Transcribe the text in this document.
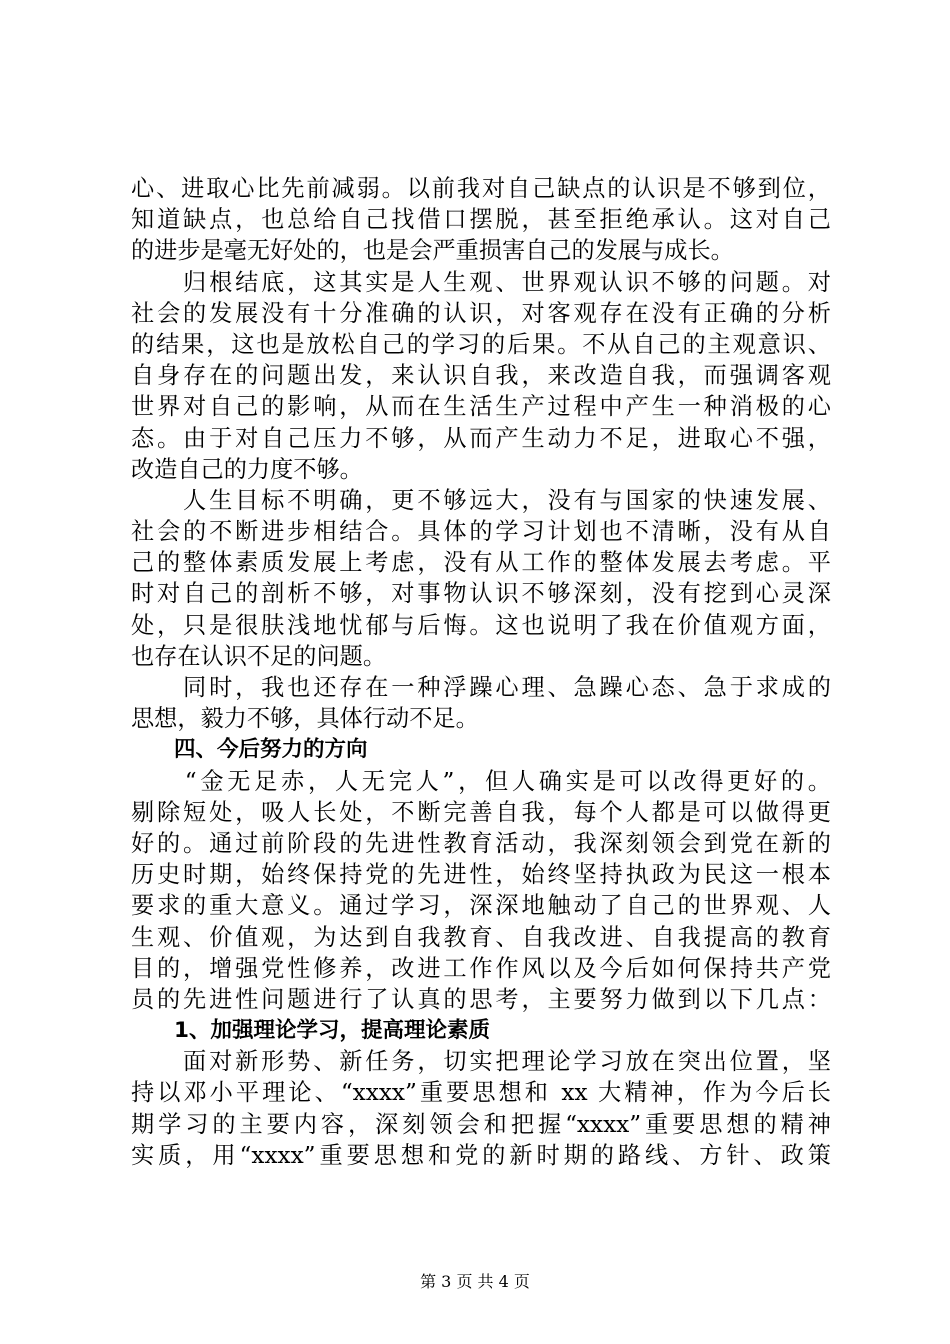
心、进取心比先前减弱。以前我对自己缺点的认识是不够到位，
知道缺点，也总给自己找借口摆脱，甚至拒绝承认。这对自己
的进步是毫无好处的，也是会严重损害自己的发展与成长。
　　归根结底，这其实是人生观、世界观认识不够的问题。对
社会的发展没有十分准确的认识，对客观存在没有正确的分析
的结果，这也是放松自己的学习的后果。不从自己的主观意识、
自身存在的问题出发，来认识自我，来改造自我，而强调客观
世界对自己的影响，从而在生活生产过程中产生一种消极的心
态。由于对自己压力不够，从而产生动力不足，进取心不强，
改造自己的力度不够。
　　人生目标不明确，更不够远大，没有与国家的快速发展、
社会的不断进步相结合。具体的学习计划也不清晰，没有从自
己的整体素质发展上考虑，没有从工作的整体发展去考虑。平
时对自己的剖析不够，对事物认识不够深刻，没有挖到心灵深
处，只是很肤浅地忧郁与后悔。这也说明了我在价值观方面，
也存在认识不足的问题。
　　同时，我也还存在一种浮躁心理、急躁心态、急于求成的
思想，毅力不够，具体行动不足。
　　四、今后努力的方向
　　“金无足赤，人无完人”，但人确实是可以改得更好的。
剔除短处，吸人长处，不断完善自我，每个人都是可以做得更
好的。通过前阶段的先进性教育活动，我深刻领会到党在新的
历史时期，始终保持党的先进性，始终坚持执政为民这一根本
要求的重大意义。通过学习，深深地触动了自己的世界观、人
生观、价值观，为达到自我教育、自我改进、自我提高的教育
目的，增强党性修养，改进工作作风以及今后如何保持共产党
员的先进性问题进行了认真的思考，主要努力做到以下几点：
　　1、加强理论学习，提高理论素质
　　面对新形势、新任务，切实把理论学习放在突出位置，坚
持以邓小平理论、“xxxx”重要思想和 xx 大精神，作为今后长
期学习的主要内容，深刻领会和把握“xxxx”重要思想的精神
实质，用“xxxx”重要思想和党的新时期的路线、方针、政策
第 3 页 共 4 页
